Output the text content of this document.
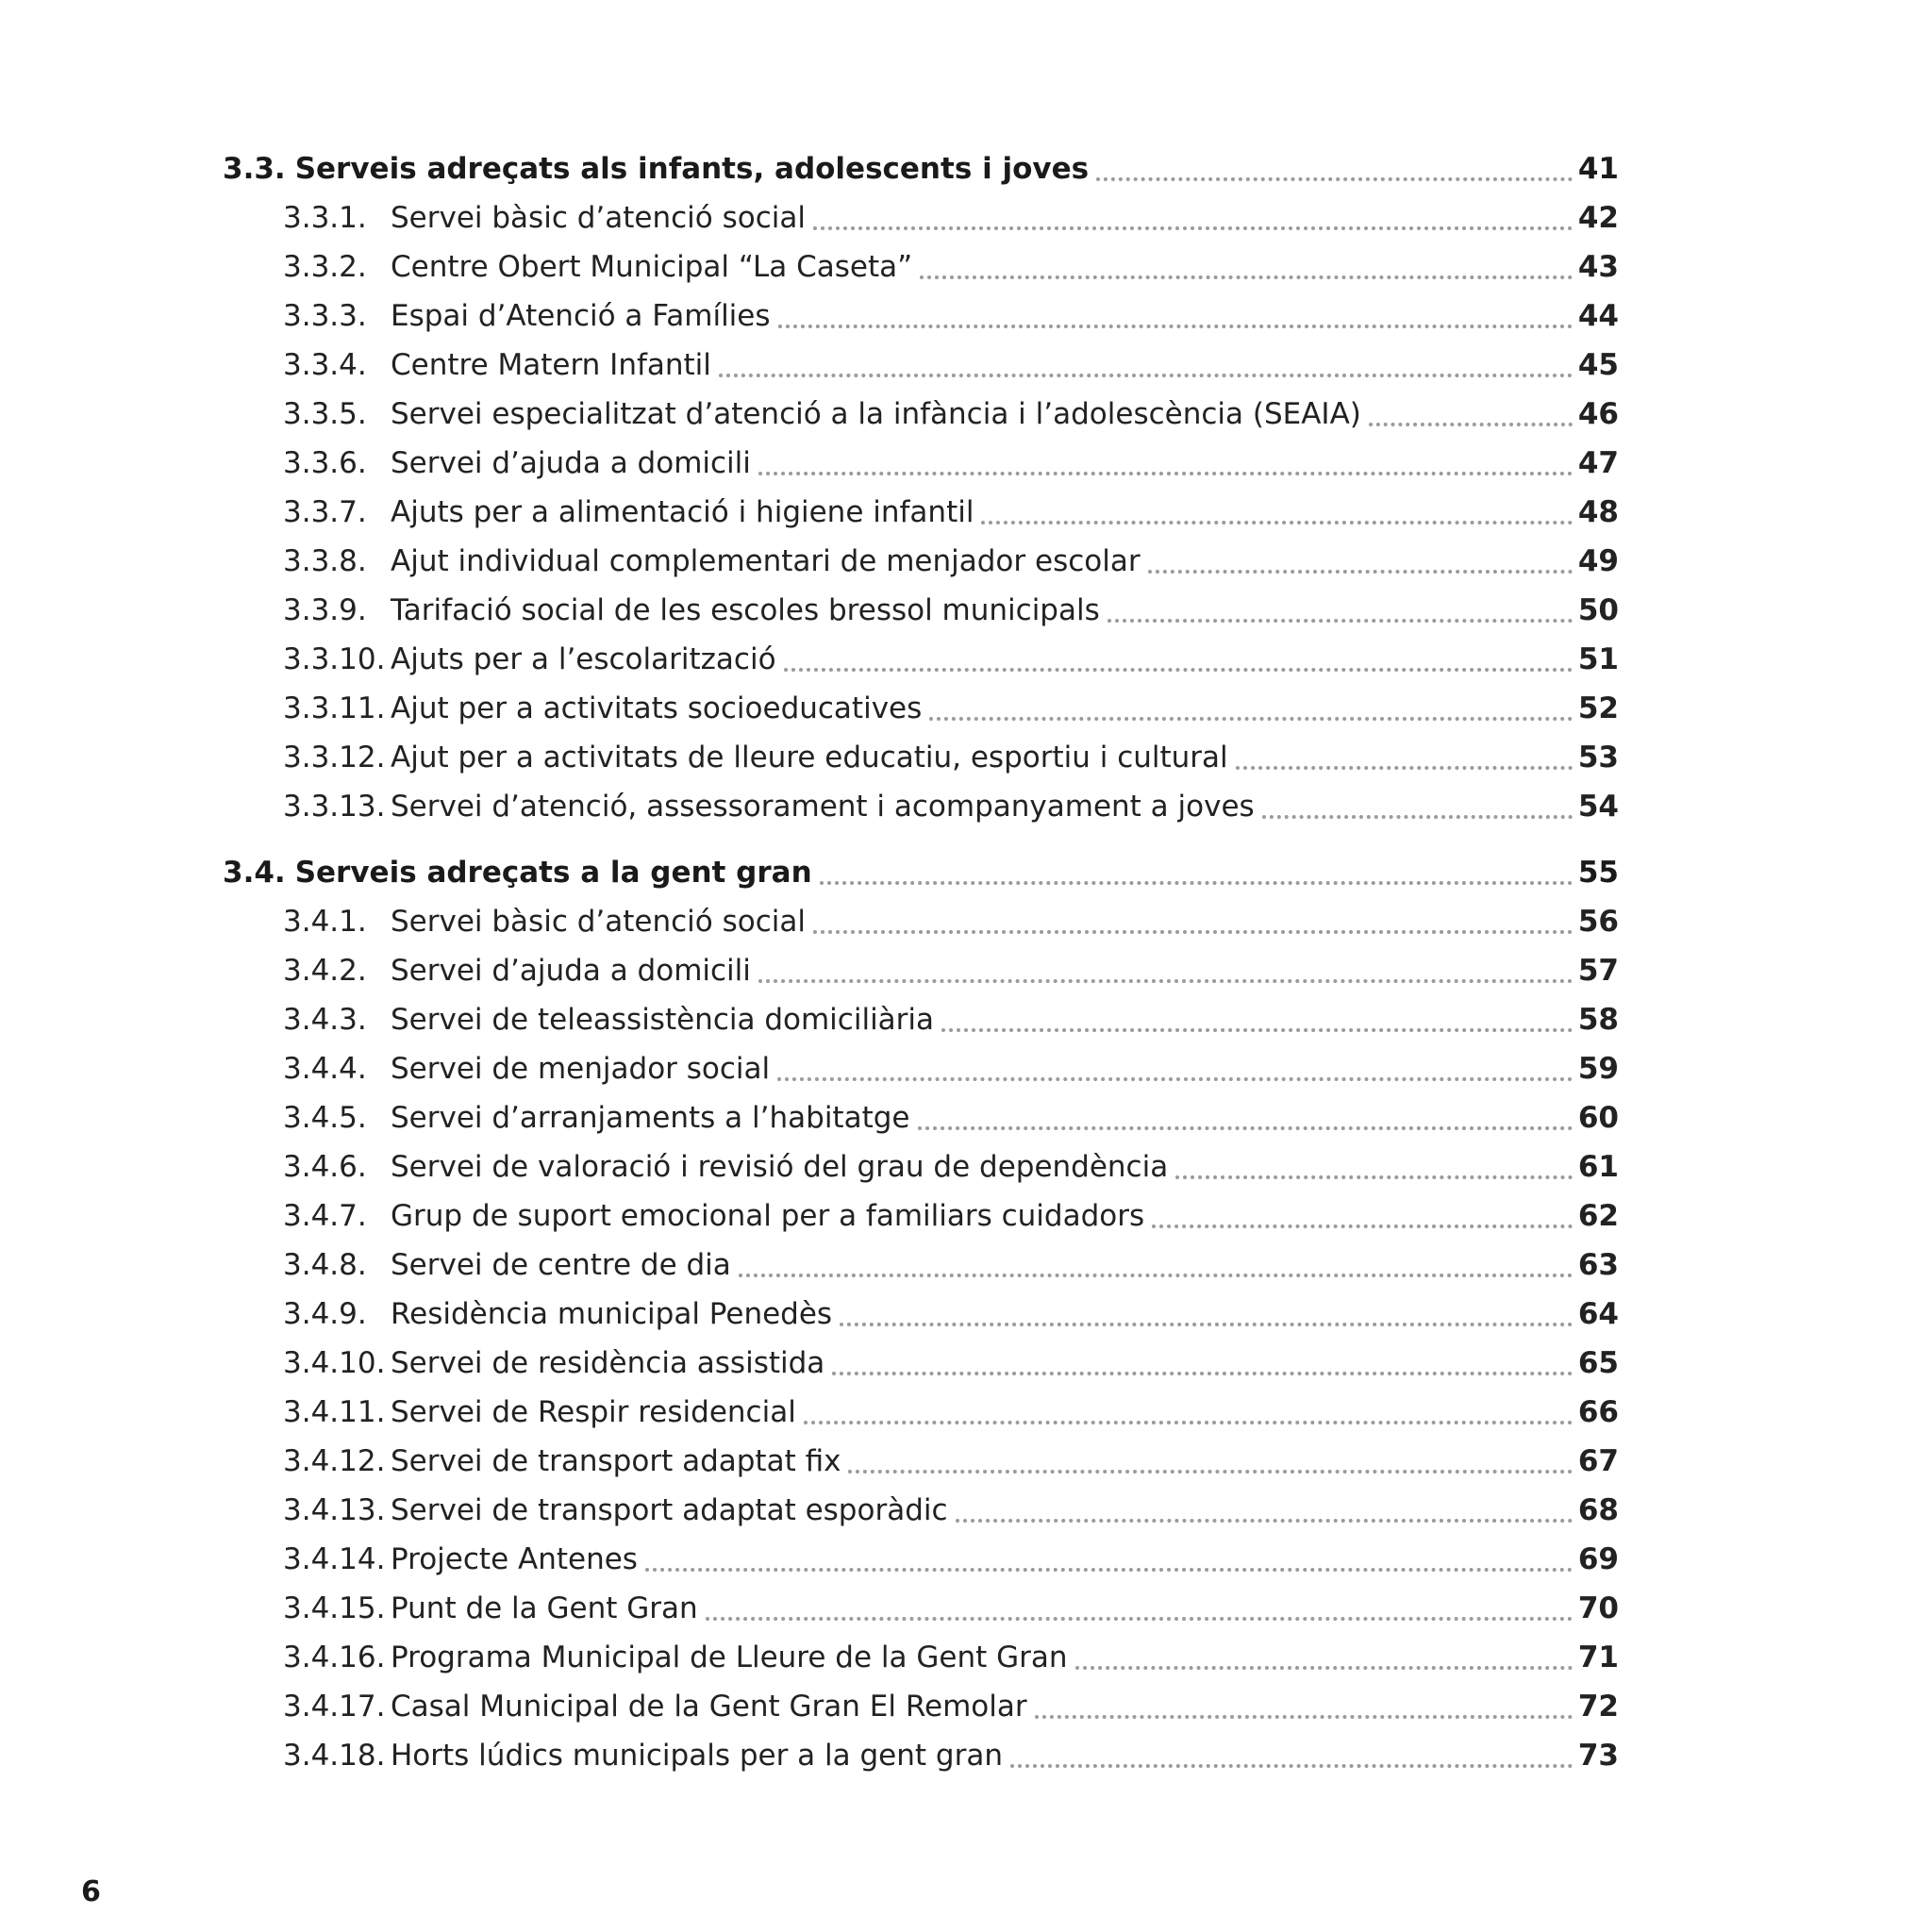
3.3. Serveis adreçats als infants, adolescents i joves	41
3.3.1. Servei bàsic d’atenció social	42
3.3.2. Centre Obert Municipal “La Caseta”	43
3.3.3. Espai d’Atenció a Famílies	44
3.3.4. Centre Matern Infantil	45
3.3.5. Servei especialitzat d’atenció a la infància i l’adolescència (SEAIA)	46
3.3.6. Servei d’ajuda a domicili	47
3.3.7. Ajuts per a alimentació i higiene infantil	48
3.3.8. Ajut individual complementari de menjador escolar	49
3.3.9. Tarifació social de les escoles bressol municipals	50
3.3.10. Ajuts per a l’escolarització	51
3.3.11. Ajut per a activitats socioeducatives	52
3.3.12. Ajut per a activitats de lleure educatiu, esportiu i cultural	53
3.3.13. Servei d’atenció, assessorament i acompanyament a joves	54
3.4. Serveis adreçats a la gent gran	55
3.4.1. Servei bàsic d’atenció social	56
3.4.2. Servei d’ajuda a domicili	57
3.4.3. Servei de teleassistència domiciliària	58
3.4.4. Servei de menjador social	59
3.4.5. Servei d’arranjaments a l’habitatge	60
3.4.6. Servei de valoració i revisió del grau de dependència	61
3.4.7. Grup de suport emocional per a familiars cuidadors	62
3.4.8. Servei de centre de dia	63
3.4.9. Residència municipal Penedès	64
3.4.10. Servei de residència assistida	65
3.4.11. Servei de Respir residencial	66
3.4.12. Servei de transport adaptat fix	67
3.4.13. Servei de transport adaptat esporàdic	68
3.4.14. Projecte Antenes	69
3.4.15. Punt de la Gent Gran	70
3.4.16. Programa Municipal de Lleure de la Gent Gran	71
3.4.17. Casal Municipal de la Gent Gran El Remolar	72
3.4.18. Horts lúdics municipals per a la gent gran	73
6
